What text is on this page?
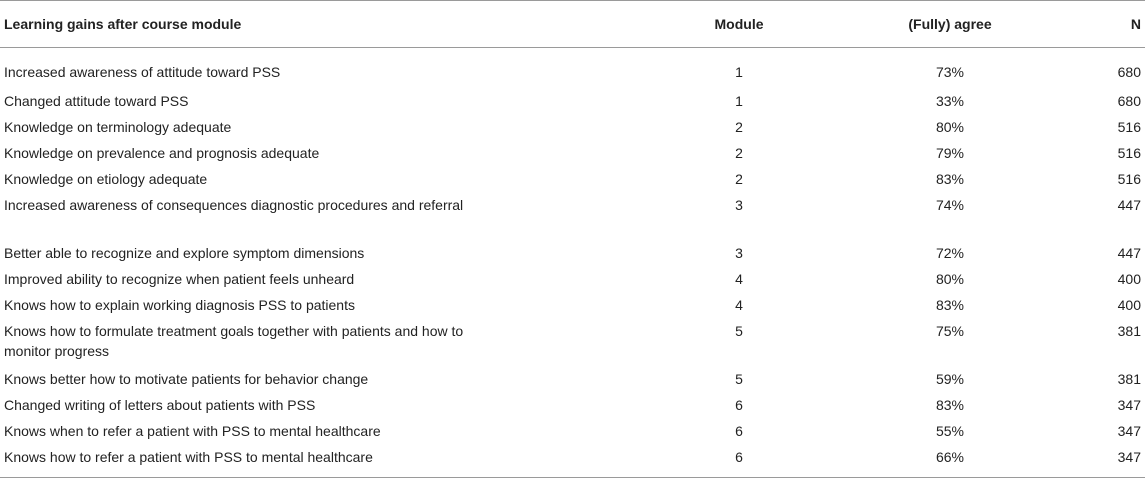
Learning gains after course module	Module	(Fully) agree	N
Increased awareness of attitude toward PSS	1	73%	680
Changed attitude toward PSS	1	33%	680
Knowledge on terminology adequate	2	80%	516
Knowledge on prevalence and prognosis adequate	2	79%	516
Knowledge on etiology adequate	2	83%	516
Increased awareness of consequences diagnostic procedures and referral	3	74%	447
Better able to recognize and explore symptom dimensions	3	72%	447
Improved ability to recognize when patient feels unheard	4	80%	400
Knows how to explain working diagnosis PSS to patients	4	83%	400
Knows how to formulate treatment goals together with patients and how to monitor progress	5	75%	381
Knows better how to motivate patients for behavior change	5	59%	381
Changed writing of letters about patients with PSS	6	83%	347
Knows when to refer a patient with PSS to mental healthcare	6	55%	347
Knows how to refer a patient with PSS to mental healthcare	6	66%	347
